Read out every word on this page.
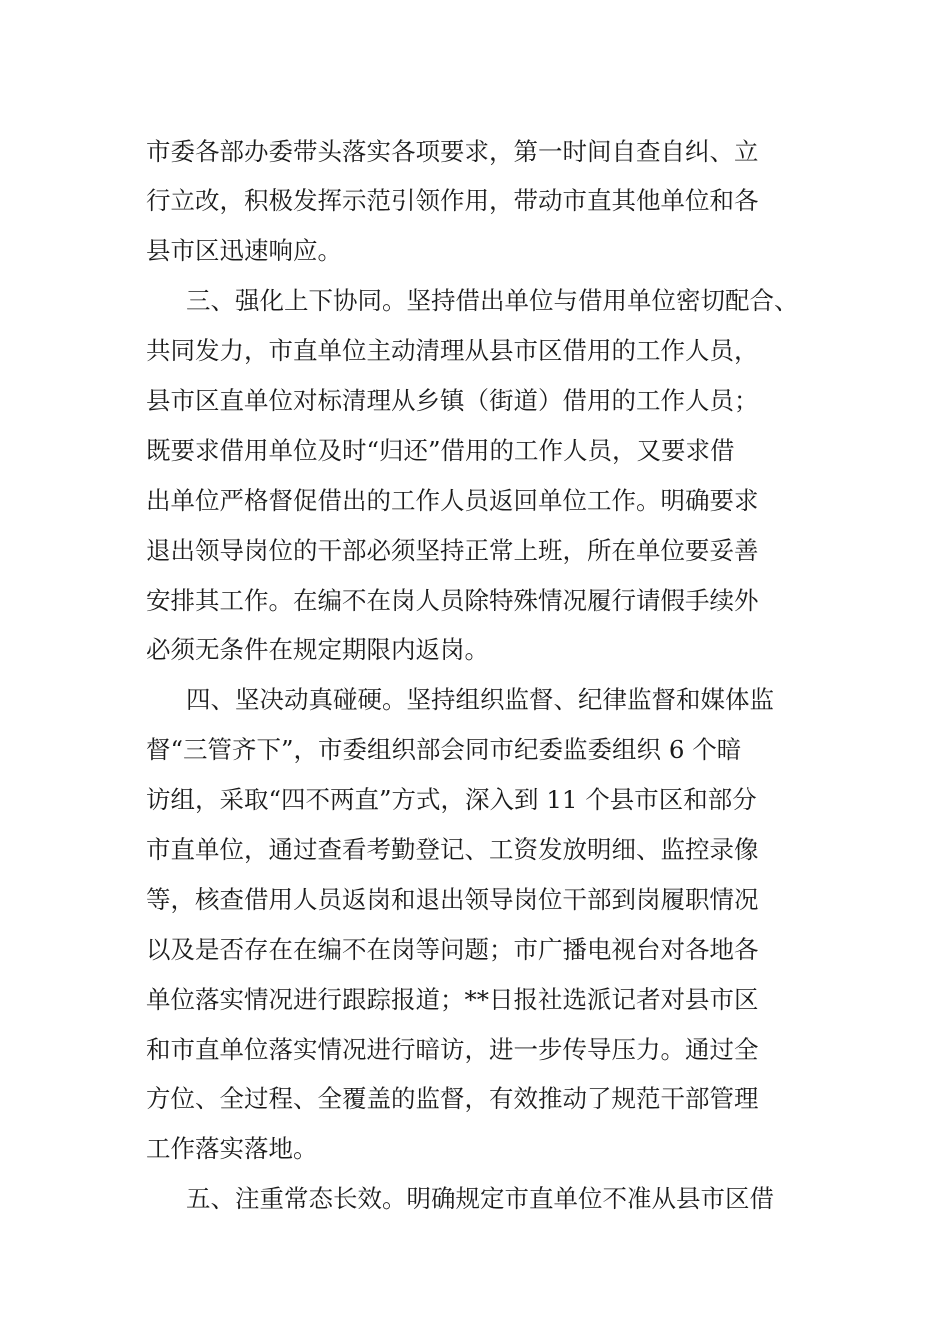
市委各部办委带头落实各项要求，第一时间自查自纠、立

行立改，积极发挥示范引领作用，带动市直其他单位和各

县市区迅速响应。

三、强化上下协同。坚持借出单位与借用单位密切配合、

共同发力，市直单位主动清理从县市区借用的工作人员，

县市区直单位对标清理从乡镇（街道）借用的工作人员；

既要求借用单位及时“归还”借用的工作人员，又要求借

出单位严格督促借出的工作人员返回单位工作。明确要求

退出领导岗位的干部必须坚持正常上班，所在单位要妥善

安排其工作。在编不在岗人员除特殊情况履行请假手续外

必须无条件在规定期限内返岗。

四、坚决动真碰硬。坚持组织监督、纪律监督和媒体监

督“三管齐下”，市委组织部会同市纪委监委组织 6 个暗

访组，采取“四不两直”方式，深入到 11 个县市区和部分

市直单位，通过查看考勤登记、工资发放明细、监控录像

等，核查借用人员返岗和退出领导岗位干部到岗履职情况

以及是否存在在编不在岗等问题；市广播电视台对各地各

单位落实情况进行跟踪报道；**日报社选派记者对县市区

和市直单位落实情况进行暗访，进一步传导压力。通过全

方位、全过程、全覆盖的监督，有效推动了规范干部管理

工作落实落地。

五、注重常态长效。明确规定市直单位不准从县市区借
